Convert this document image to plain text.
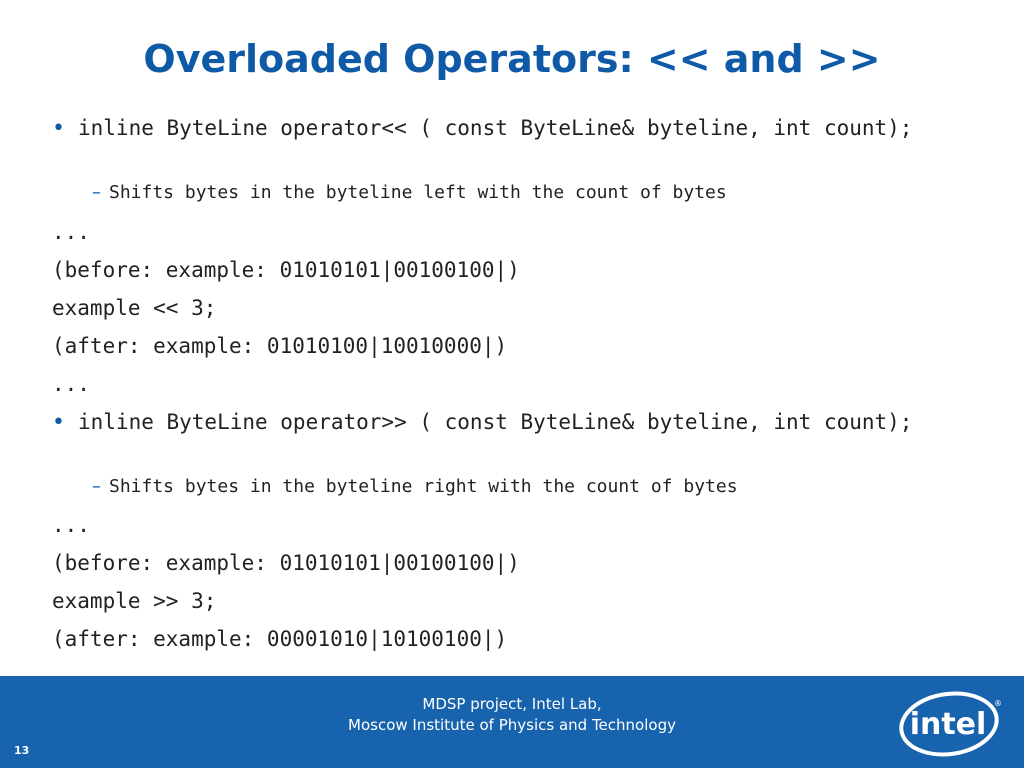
Overloaded Operators: << and >>
• inline ByteLine operator<< ( const ByteLine& byteline, int count);
– Shifts bytes in the byteline left with the count of bytes
...
(before: example: 01010101|00100100|)
example << 3;
(after: example: 01010100|10010000|)
...
• inline ByteLine operator>> ( const ByteLine& byteline, int count);
– Shifts bytes in the byteline right with the count of bytes
...
(before: example: 01010101|00100100|)
example >> 3;
(after: example: 00001010|10100100|)
MDSP project, Intel Lab,
Moscow Institute of Physics and Technology
13
intel
®
